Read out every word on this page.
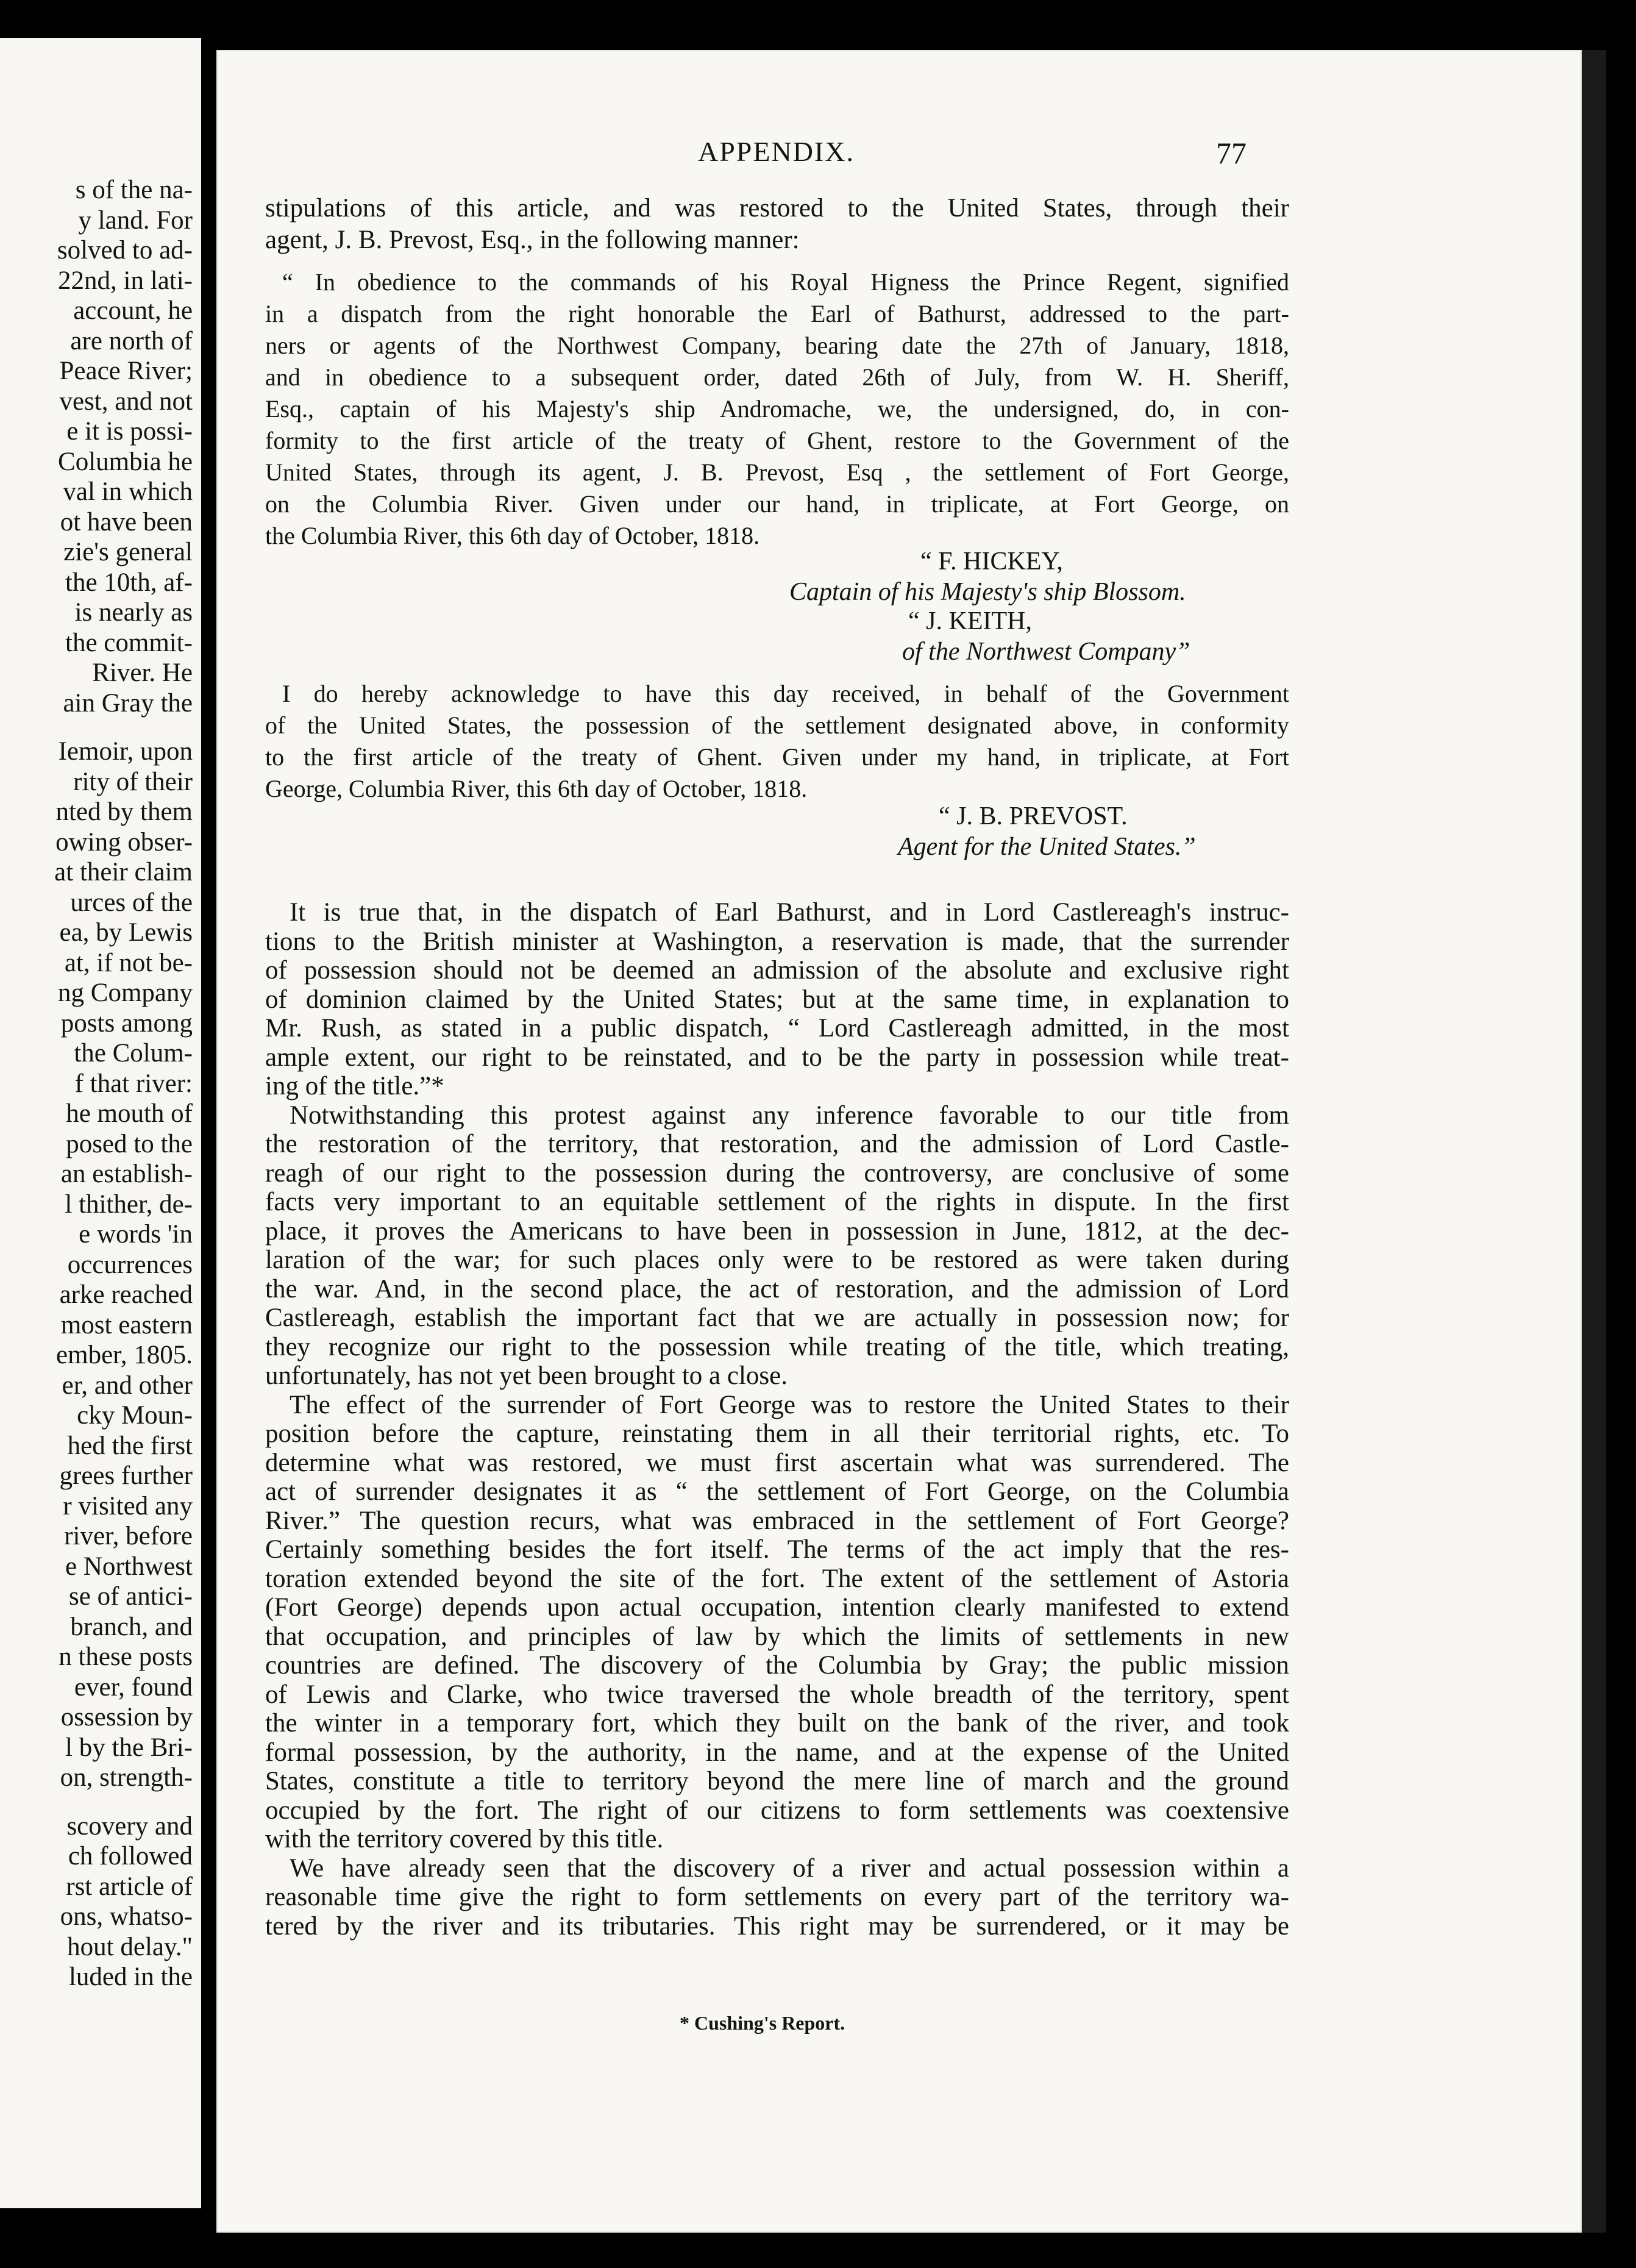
s of the na-
y land. For
solved to ad-
22nd, in lati-
account, he
are north of
Peace River;
vest, and not
e it is possi-
Columbia he
val in which
ot have been
zie's general
the 10th, af-
is nearly as
the commit-
River. He
ain Gray the
Iemoir, upon
rity of their
nted by them
owing obser-
at their claim
urces of the
ea, by Lewis
at, if not be-
ng Company
posts among
the Colum-
f that river:
he mouth of
posed to the
an establish-
l thither, de-
e words 'in
occurrences
arke reached
most eastern
ember, 1805.
er, and other
cky Moun-
hed the first
grees further
r visited any
river, before
e Northwest
se of antici-
branch, and
n these posts
ever, found
ossession by
l by the Bri-
on, strength-
scovery and
ch followed
rst article of
ons, whatso-
hout delay."
luded in the
APPENDIX.	77
stipulations of this article, and was restored to the United States, through their
agent, J. B. Prevost, Esq., in the following manner:
“ In obedience to the commands of his Royal Higness the Prince Regent, signified
in a dispatch from the right honorable the Earl of Bathurst, addressed to the part-
ners or agents of the Northwest Company, bearing date the 27th of January, 1818,
and in obedience to a subsequent order, dated 26th of July, from W. H. Sheriff,
Esq., captain of his Majesty's ship Andromache, we, the undersigned, do, in con-
formity to the first article of the treaty of Ghent, restore to the Government of the
United States, through its agent, J. B. Prevost, Esq , the settlement of Fort George,
on the Columbia River. Given under our hand, in triplicate, at Fort George, on
the Columbia River, this 6th day of October, 1818.
“ F. HICKEY,
Captain of his Majesty's ship Blossom.
“ J. KEITH,
of the Northwest Company”
I do hereby acknowledge to have this day received, in behalf of the Government
of the United States, the possession of the settlement designated above, in conformity
to the first article of the treaty of Ghent. Given under my hand, in triplicate, at Fort
George, Columbia River, this 6th day of October, 1818.
“ J. B. PREVOST.
Agent for the United States.”
It is true that, in the dispatch of Earl Bathurst, and in Lord Castlereagh's instruc-
tions to the British minister at Washington, a reservation is made, that the surrender
of possession should not be deemed an admission of the absolute and exclusive right
of dominion claimed by the United States; but at the same time, in explanation to
Mr. Rush, as stated in a public dispatch, “ Lord Castlereagh admitted, in the most
ample extent, our right to be reinstated, and to be the party in possession while treat-
ing of the title.”*
Notwithstanding this protest against any inference favorable to our title from
the restoration of the territory, that restoration, and the admission of Lord Castle-
reagh of our right to the possession during the controversy, are conclusive of some
facts very important to an equitable settlement of the rights in dispute. In the first
place, it proves the Americans to have been in possession in June, 1812, at the dec-
laration of the war; for such places only were to be restored as were taken during
the war. And, in the second place, the act of restoration, and the admission of Lord
Castlereagh, establish the important fact that we are actually in possession now; for
they recognize our right to the possession while treating of the title, which treating,
unfortunately, has not yet been brought to a close.
The effect of the surrender of Fort George was to restore the United States to their
position before the capture, reinstating them in all their territorial rights, etc. To
determine what was restored, we must first ascertain what was surrendered. The
act of surrender designates it as “ the settlement of Fort George, on the Columbia
River.” The question recurs, what was embraced in the settlement of Fort George?
Certainly something besides the fort itself. The terms of the act imply that the res-
toration extended beyond the site of the fort. The extent of the settlement of Astoria
(Fort George) depends upon actual occupation, intention clearly manifested to extend
that occupation, and principles of law by which the limits of settlements in new
countries are defined. The discovery of the Columbia by Gray; the public mission
of Lewis and Clarke, who twice traversed the whole breadth of the territory, spent
the winter in a temporary fort, which they built on the bank of the river, and took
formal possession, by the authority, in the name, and at the expense of the United
States, constitute a title to territory beyond the mere line of march and the ground
occupied by the fort. The right of our citizens to form settlements was coextensive
with the territory covered by this title.
We have already seen that the discovery of a river and actual possession within a
reasonable time give the right to form settlements on every part of the territory wa-
tered by the river and its tributaries. This right may be surrendered, or it may be
* Cushing's Report.
